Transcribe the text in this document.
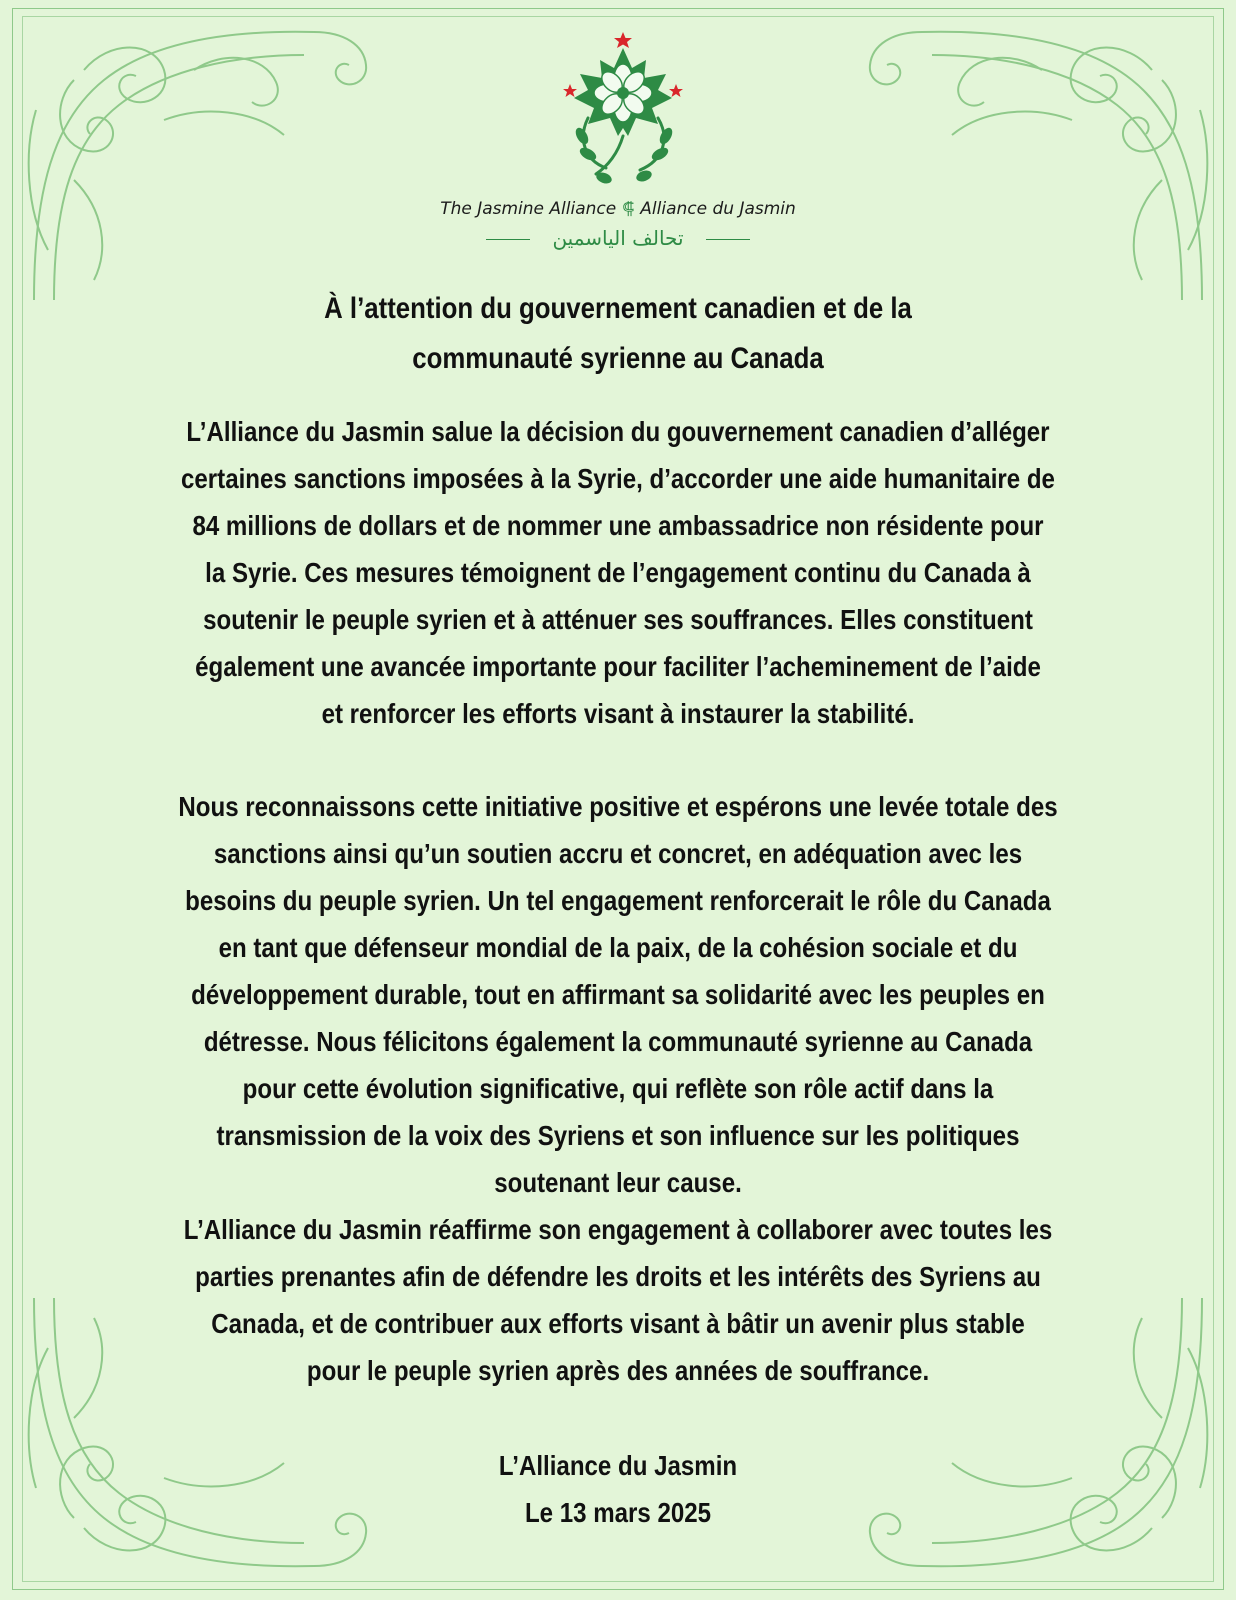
The Jasmine Alliance ⸿ Alliance du Jasmin
تحالف الياسمين

À l’attention du gouvernement canadien et de la
communauté syrienne au Canada

L’Alliance du Jasmin salue la décision du gouvernement canadien d’alléger
certaines sanctions imposées à la Syrie, d’accorder une aide humanitaire de
84 millions de dollars et de nommer une ambassadrice non résidente pour
la Syrie. Ces mesures témoignent de l’engagement continu du Canada à
soutenir le peuple syrien et à atténuer ses souffrances. Elles constituent
également une avancée importante pour faciliter l’acheminement de l’aide
et renforcer les efforts visant à instaurer la stabilité.

Nous reconnaissons cette initiative positive et espérons une levée totale des
sanctions ainsi qu’un soutien accru et concret, en adéquation avec les
besoins du peuple syrien. Un tel engagement renforcerait le rôle du Canada
en tant que défenseur mondial de la paix, de la cohésion sociale et du
développement durable, tout en affirmant sa solidarité avec les peuples en
détresse. Nous félicitons également la communauté syrienne au Canada
pour cette évolution significative, qui reflète son rôle actif dans la
transmission de la voix des Syriens et son influence sur les politiques
soutenant leur cause.

L’Alliance du Jasmin réaffirme son engagement à collaborer avec toutes les
parties prenantes afin de défendre les droits et les intérêts des Syriens au
Canada, et de contribuer aux efforts visant à bâtir un avenir plus stable
pour le peuple syrien après des années de souffrance.

L’Alliance du Jasmin
Le 13 mars 2025
